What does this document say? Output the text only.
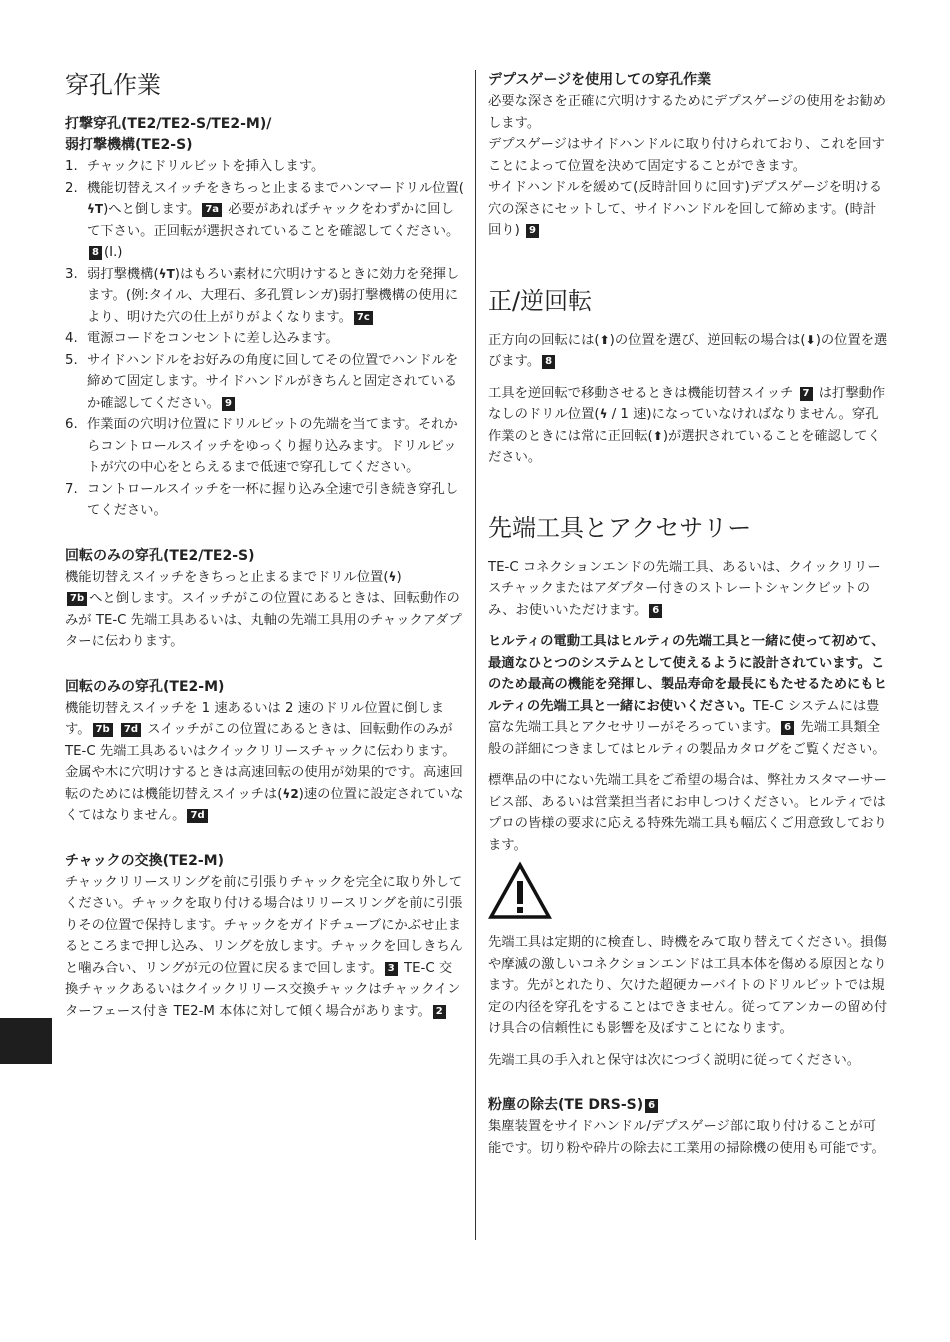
穿孔作業
打撃穿孔(TE2/TE2-S/TE2-M)/
弱打撃機構(TE2-S)
1. チャックにドリルビットを挿入します。
2. 機能切替えスイッチをきちっと止まるまでハンマードリル位置(ϟT)へと倒します。 7a 必要があればチャックをわずかに回して下さい。正回転が選択されていることを確認してください。8 (I.)
3. 弱打撃機構(ϟT)はもろい素材に穴明けするときに効力を発揮します。(例:タイル、大理石、多孔質レンガ)弱打撃機構の使用により、明けた穴の仕上がりがよくなります。 7c
4. 電源コードをコンセントに差し込みます。
5. サイドハンドルをお好みの角度に回してその位置でハンドルを締めて固定します。サイドハンドルがきちんと固定されているか確認してください。 9
6. 作業面の穴明け位置にドリルビットの先端を当てます。それからコントロールスイッチをゆっくり握り込みます。ドリルビットが穴の中心をとらえるまで低速で穿孔してください。
7. コントロールスイッチを一杯に握り込み全速で引き続き穿孔してください。
回転のみの穿孔(TE2/TE2-S)

機能切替えスイッチをきちっと止まるまでドリル位置(ϟ)
7b へと倒します。スイッチがこの位置にあるときは、回転動作のみが TE-C 先端工具あるいは、丸軸の先端工具用のチャックアダプターに伝わります。

回転のみの穿孔(TE2-M)

機能切替えスイッチを 1 速あるいは 2 速のドリル位置に倒します。 7b 7d スイッチがこの位置にあるときは、回転動作のみが TE-C 先端工具あるいはクイックリリースチャックに伝わります。

金属や木に穴明けするときは高速回転の使用が効果的です。高速回転のためには機能切替えスイッチは(ϟ2)速の位置に設定されていなくてはなりません。 7d

チャックの交換(TE2-M)

チャックリリースリングを前に引張りチャックを完全に取り外してください。チャックを取り付ける場合はリリースリングを前に引張りその位置で保持します。チャックをガイドチューブにかぶせ止まるところまで押し込み、リングを放します。チャックを回しきちんと噛み合い、リングが元の位置に戻るまで回します。 3 TE-C 交換チャックあるいはクイックリリース交換チャックはチャックインターフェース付き TE2-M 本体に対して傾く場合があります。 2

デプスゲージを使用しての穿孔作業

必要な深さを正確に穴明けするためにデプスゲージの使用をお勧めします。

デプスゲージはサイドハンドルに取り付けられており、これを回すことによって位置を決めて固定することができます。

サイドハンドルを緩めて(反時計回りに回す)デプスゲージを明ける穴の深さにセットして、サイドハンドルを回して締めます。(時計回り) 9

正/逆回転

正方向の回転には(⬆)の位置を選び、逆回転の場合は(⬇)の位置を選びます。 8

工具を逆回転で移動させるときは機能切替スイッチ 7 は打撃動作なしのドリル位置(ϟ / 1 速)になっていなければなりません。穿孔作業のときには常に正回転(⬆)が選択されていることを確認してください。

先端工具とアクセサリー

TE-C コネクションエンドの先端工具、あるいは、クイックリリースチャックまたはアダプター付きのストレートシャンクビットのみ、お使いいただけます。 6

ヒルティの電動工具はヒルティの先端工具と一緒に使って初めて、最適なひとつのシステムとして使えるように設計されています。このため最高の機能を発揮し、製品寿命を最長にもたせるためにもヒルティの先端工具と一緒にお使いください。TE-C システムには豊富な先端工具とアクセサリーがそろっています。 6 先端工具類全般の詳細につきましてはヒルティの製品カタログをご覧ください。

標準品の中にない先端工具をご希望の場合は、弊社カスタマーサービス部、あるいは営業担当者にお申しつけください。ヒルティではプロの皆様の要求に応える特殊先端工具も幅広くご用意致しております。

先端工具は定期的に検査し、時機をみて取り替えてください。損傷や摩滅の激しいコネクションエンドは工具本体を傷める原因となります。先がとれたり、欠けた超硬カーバイトのドリルビットでは規定の内径を穿孔をすることはできません。従ってアンカーの留め付け具合の信頼性にも影響を及ぼすことになります。

先端工具の手入れと保守は次につづく説明に従ってください。

粉塵の除去(TE DRS-S) 6

集塵装置をサイドハンドル/デプスゲージ部に取り付けることが可能です。切り粉や砕片の除去に工業用の掃除機の使用も可能です。
